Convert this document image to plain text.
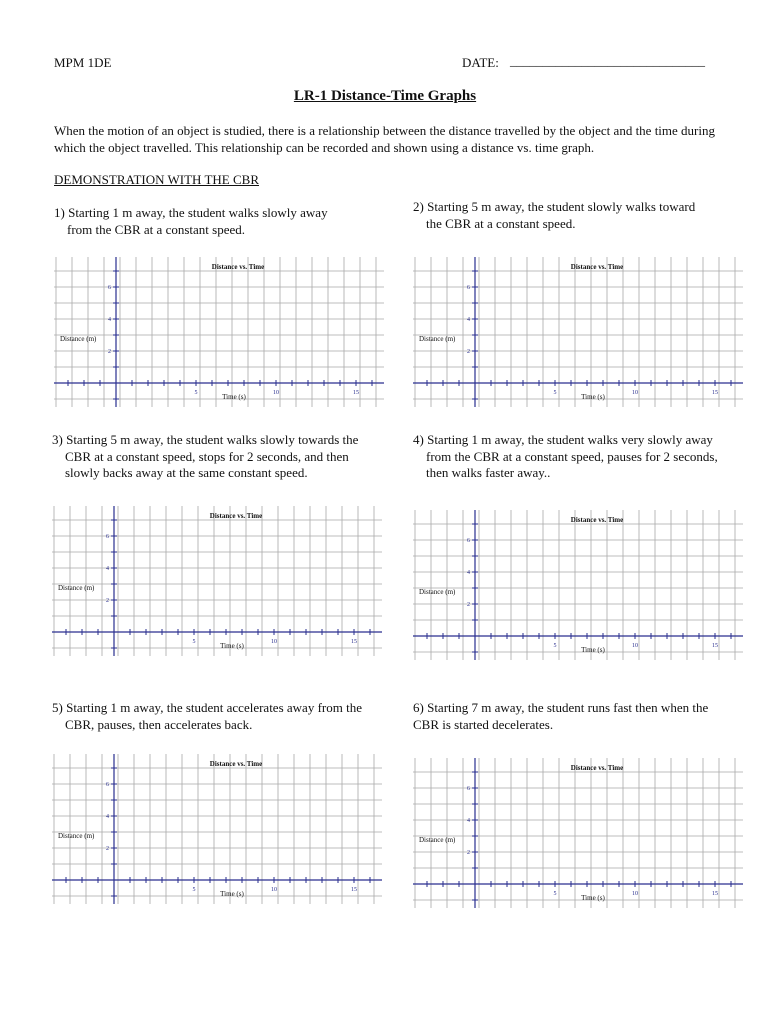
MPM 1DE	DATE: ______________________________
LR-1 Distance-Time Graphs
When the motion of an object is studied, there is a relationship between the distance travelled by the object and the time during which the object travelled. This relationship can be recorded and shown using a distance vs. time graph.
DEMONSTRATION WITH THE CBR
1) Starting 1 m away, the student walks slowly away
from the CBR at a constant speed.
2) Starting 5 m away, the student slowly walks toward
the CBR at a constant speed.
3) Starting 5 m away, the student walks slowly towards the
CBR at a constant speed, stops for 2 seconds, and then
slowly backs away at the same constant speed.
4) Starting 1 m away, the student walks very slowly away
from the CBR at a constant speed, pauses for 2 seconds,
then walks faster away..
5) Starting 1 m away, the student accelerates away from the
CBR, pauses, then accelerates back.
6) Starting 7 m away, the student runs fast then when the
CBR is started decelerates.
5	10	15
2
4
6
Distance vs. Time
Distance (m)
Time (s)	5	10	15
2
4
6
Distance vs. Time
Distance (m)
Time (s)
5	10	15
2
4
6
Distance vs. Time
Distance (m)
Time (s)	5	10	15
2
4
6
Distance vs. Time
Distance (m)
Time (s)
5	10	15
2
4
6
Distance vs. Time
Distance (m)
Time (s)	5	10	15
2
4
6
Distance vs. Time
Distance (m)
Time (s)
